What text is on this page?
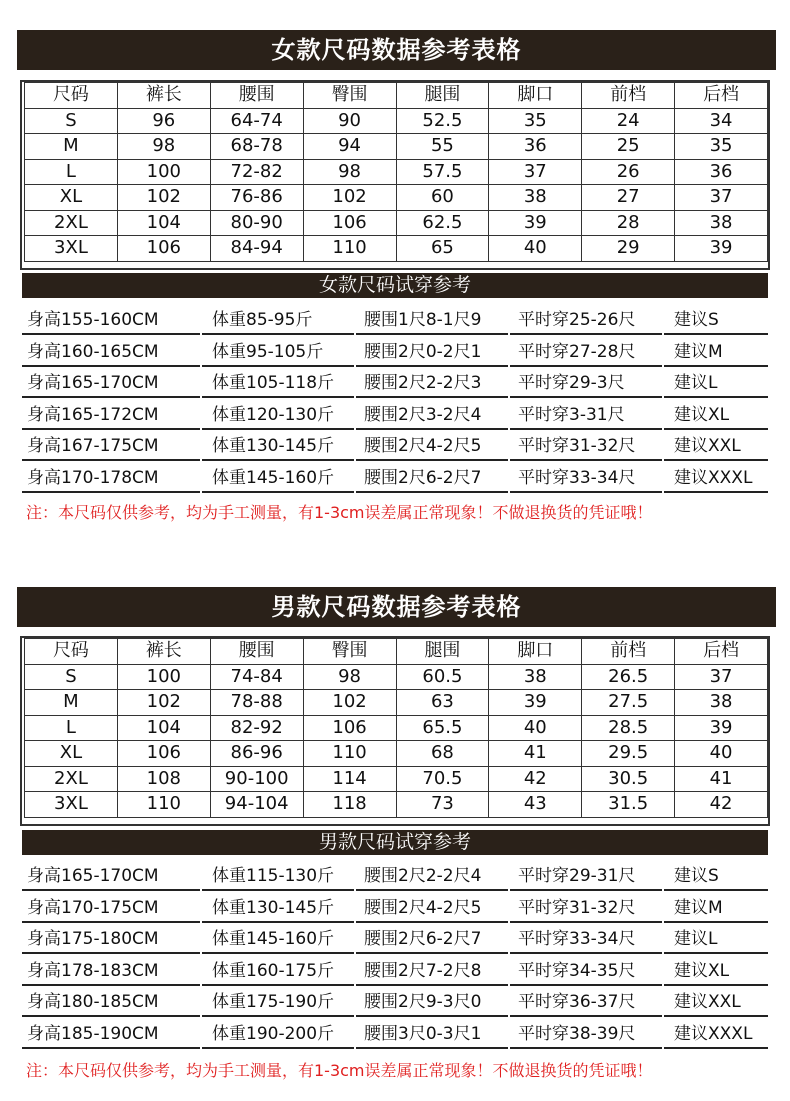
女款尺码数据参考表格
尺码	裤长	腰围	臀围	腿围	脚口	前档	后档
S	96	64-74	90	52.5	35	24	34
M	98	68-78	94	55	36	25	35
L	100	72-82	98	57.5	37	26	36
XL	102	76-86	102	60	38	27	37
2XL	104	80-90	106	62.5	39	28	38
3XL	106	84-94	110	65	40	29	39
女款尺码试穿参考
身高155-160CM	体重85-95斤	腰围1尺8-1尺9 平时穿25-26尺 建议S
身高160-165CM	体重95-105斤 腰围2尺0-2尺1 平时穿27-28尺 建议M
身高165-170CM	体重105-118斤 腰围2尺2-2尺3 平时穿29-3尺	建议L
身高165-172CM	体重120-130斤 腰围2尺3-2尺4 平时穿3-31尺	建议XL
身高167-175CM	体重130-145斤 腰围2尺4-2尺5 平时穿31-32尺 建议XXL
身高170-178CM	体重145-160斤 腰围2尺6-2尺7 平时穿33-34尺 建议XXXL
注：本尺码仅供参考，均为手工测量，有1-3cm误差属正常现象！不做退换货的凭证哦！
男款尺码数据参考表格
尺码	裤长	腰围	臀围	腿围	脚口	前档	后档
S	100	74-84	98	60.5	38	26.5	37
M	102	78-88	102	63	39	27.5	38
L	104	82-92	106	65.5	40	28.5	39
XL	106	86-96	110	68	41	29.5	40
2XL	108	90-100	114	70.5	42	30.5	41
3XL	110	94-104	118	73	43	31.5	42
男款尺码试穿参考
身高165-170CM	体重115-130斤 腰围2尺2-2尺4 平时穿29-31尺 建议S
身高170-175CM	体重130-145斤 腰围2尺4-2尺5 平时穿31-32尺 建议M
身高175-180CM	体重145-160斤 腰围2尺6-2尺7 平时穿33-34尺 建议L
身高178-183CM	体重160-175斤 腰围2尺7-2尺8 平时穿34-35尺 建议XL
身高180-185CM	体重175-190斤 腰围2尺9-3尺0 平时穿36-37尺 建议XXL
身高185-190CM	体重190-200斤 腰围3尺0-3尺1 平时穿38-39尺 建议XXXL
注：本尺码仅供参考，均为手工测量，有1-3cm误差属正常现象！不做退换货的凭证哦！
